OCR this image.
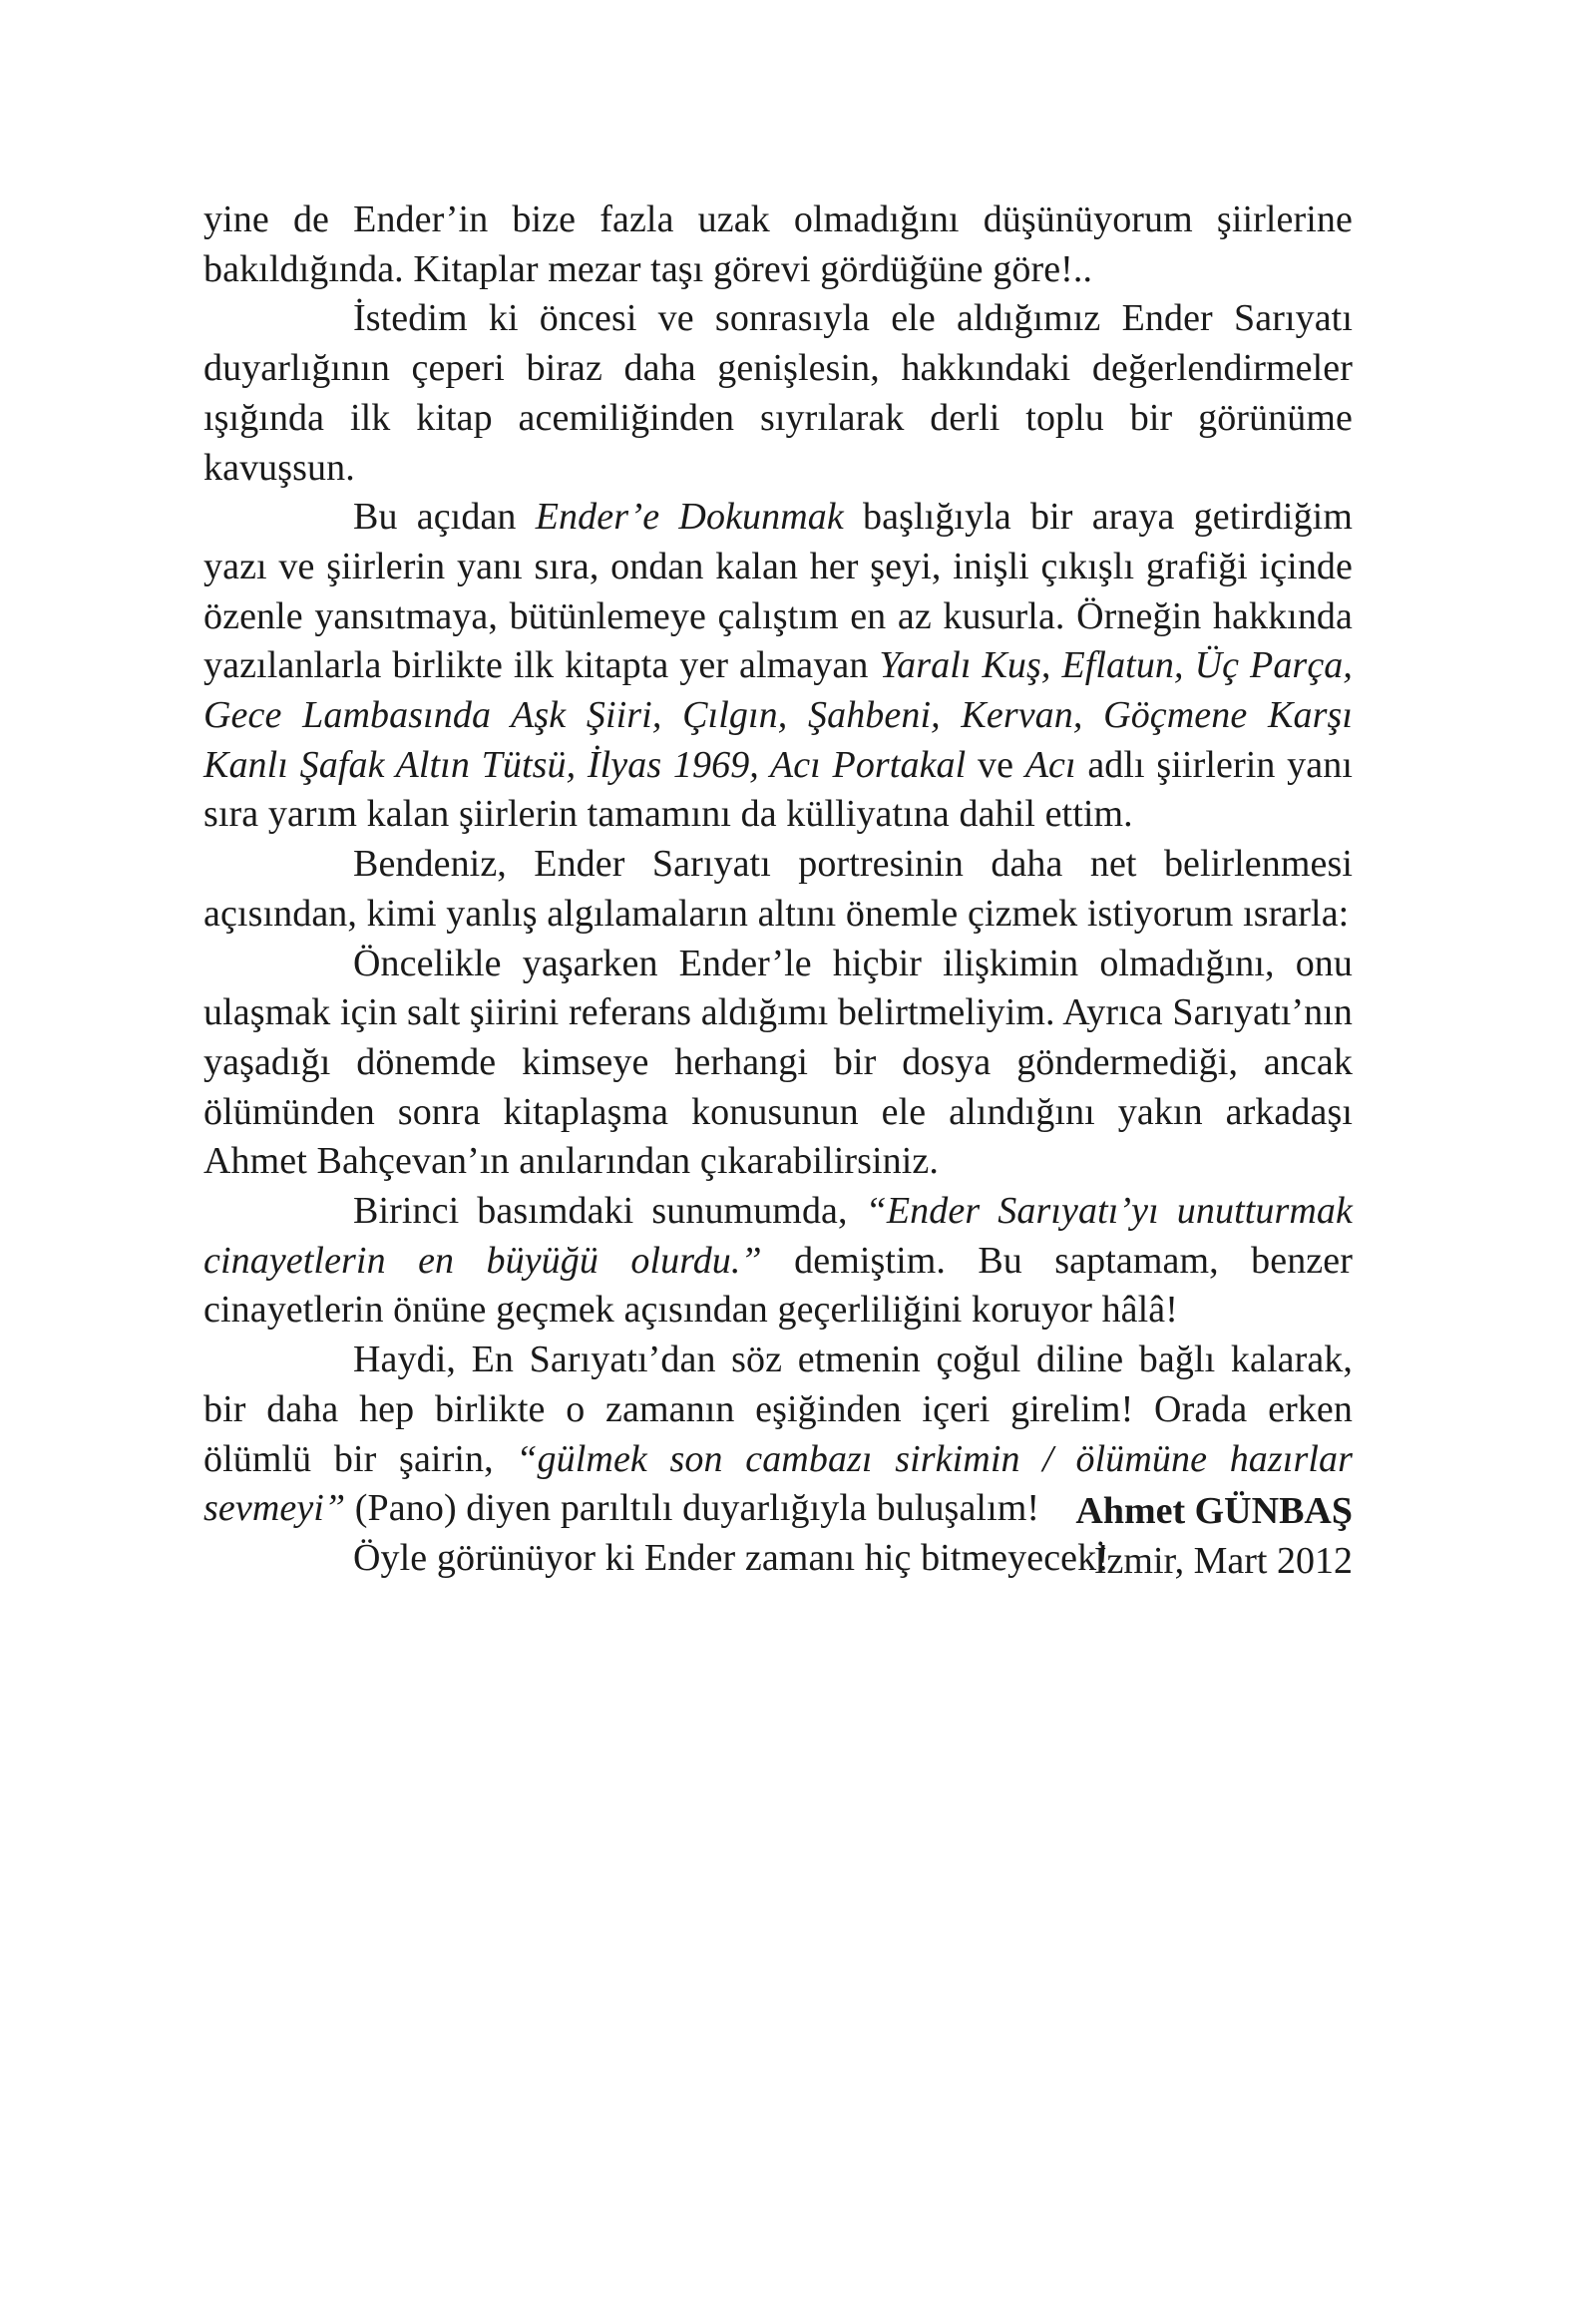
yine de Ender’in bize fazla uzak olmadığını düşünüyorum şiirlerine bakıldığında. Kitaplar mezar taşı görevi gördüğüne göre!..

İstedim ki öncesi ve sonrasıyla ele aldığımız Ender Sarıyatı duyarlığının çeperi biraz daha genişlesin, hakkındaki değerlendirmeler ışığında ilk kitap acemiliğinden sıyrılarak derli toplu bir görünüme kavuşsun.

Bu açıdan Ender’e Dokunmak başlığıyla bir araya getirdiğim yazı ve şiirlerin yanı sıra, ondan kalan her şeyi, inişli çıkışlı grafiği içinde özenle yansıtmaya, bütünlemeye çalıştım en az kusurla. Örneğin hakkında yazılanlarla birlikte ilk kitapta yer almayan Yaralı Kuş, Eflatun, Üç Parça, Gece Lambasında Aşk Şiiri, Çılgın, Şahbeni, Kervan, Göçmene Karşı Kanlı Şafak Altın Tütsü, İlyas 1969, Acı Portakal ve Acı adlı şiirlerin yanı sıra yarım kalan şiirlerin tamamını da külliyatına dahil ettim.

Bendeniz, Ender Sarıyatı portresinin daha net belirlenmesi açısından, kimi yanlış algılamaların altını önemle çizmek istiyorum ısrarla:

Öncelikle yaşarken Ender’le hiçbir ilişkimin olmadığını, onu ulaşmak için salt şiirini referans aldığımı belirtmeliyim. Ayrıca Sarıyatı’nın yaşadığı dönemde kimseye herhangi bir dosya göndermediği, ancak ölümünden sonra kitaplaşma konusunun ele alındığını yakın arkadaşı Ahmet Bahçevan’ın anılarından çıkarabilirsiniz.

Birinci basımdaki sunumumda, “Ender Sarıyatı’yı unutturmak cinayetlerin en büyüğü olurdu.” demiştim. Bu saptamam, benzer cinayetlerin önüne geçmek açısından geçerliliğini koruyor hâlâ!

Haydi, En Sarıyatı’dan söz etmenin çoğul diline bağlı kalarak, bir daha hep birlikte o zamanın eşiğinden içeri girelim! Orada erken ölümlü bir şairin, “gülmek son cambazı sirkimin / ölümüne hazırlar sevmeyi” (Pano) diyen parıltılı duyarlığıyla buluşalım!

Öyle görünüyor ki Ender zamanı hiç bitmeyecek!

Ahmet GÜNBAŞ
İzmir, Mart 2012
